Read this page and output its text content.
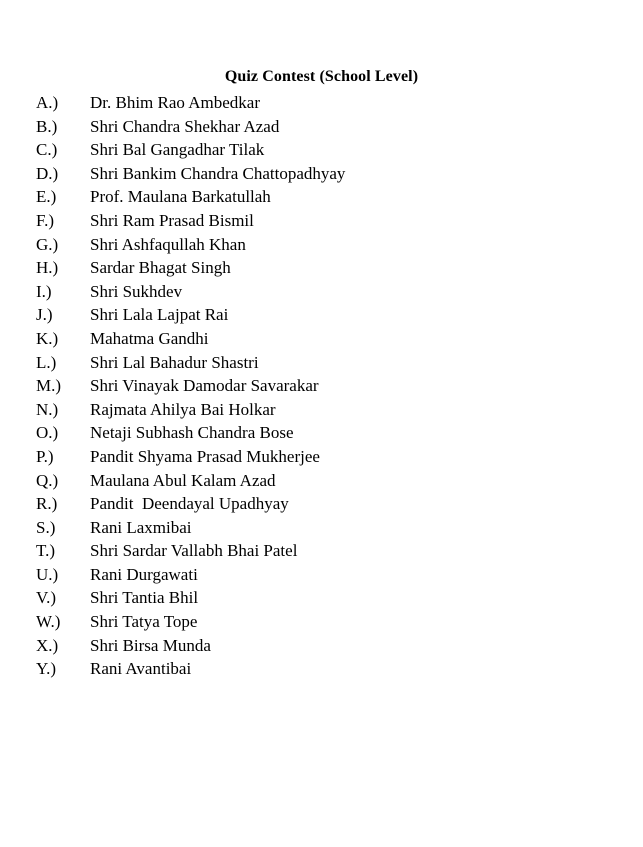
Quiz Contest (School Level)
A.)	Dr. Bhim Rao Ambedkar
B.)	Shri Chandra Shekhar Azad
C.)	Shri Bal Gangadhar Tilak
D.)	Shri Bankim Chandra Chattopadhyay
E.)	Prof. Maulana Barkatullah
F.)	Shri Ram Prasad Bismil
G.)	Shri Ashfaqullah Khan
H.)	Sardar Bhagat Singh
I.)	Shri Sukhdev
J.)	Shri Lala Lajpat Rai
K.)	Mahatma Gandhi
L.)	Shri Lal Bahadur Shastri
M.)	Shri Vinayak Damodar Savarakar
N.)	Rajmata Ahilya Bai Holkar
O.)	Netaji Subhash Chandra Bose
P.)	Pandit Shyama Prasad Mukherjee
Q.)	Maulana Abul Kalam Azad
R.)	Pandit  Deendayal Upadhyay
S.)	Rani Laxmibai
T.)	Shri Sardar Vallabh Bhai Patel
U.)	Rani Durgawati
V.)	Shri Tantia Bhil
W.)	Shri Tatya Tope
X.)	Shri Birsa Munda
Y.)	Rani Avantibai
